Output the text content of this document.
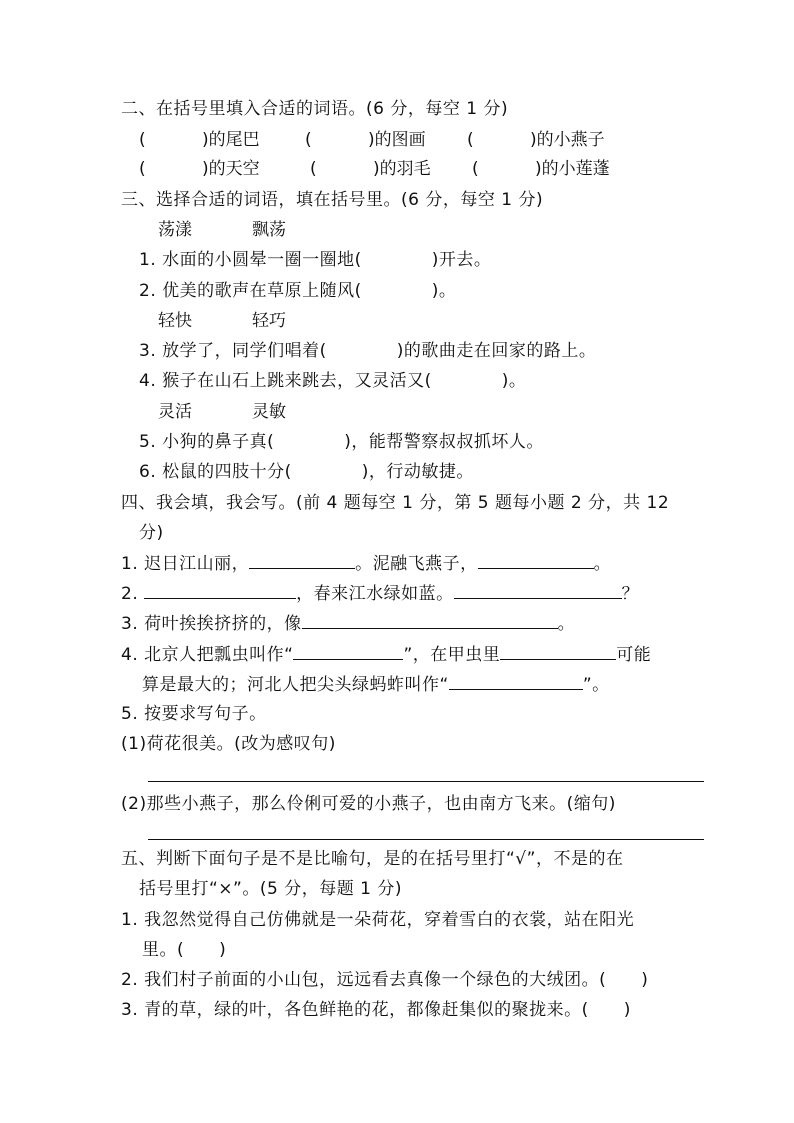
二、在括号里填入合适的词语。(6 分，每空 1 分)
(	)的尾巴	(	)的图画 (	)的小燕子
(	)的天空	(	)的羽毛 (	)的小莲蓬
三、选择合适的词语，填在括号里。(6 分，每空 1 分)
荡漾	飘荡
1. 水面的小圆晕一圈一圈地(	)开去。
2. 优美的歌声在草原上随风(	)。
轻快	轻巧
3. 放学了，同学们唱着(	)的歌曲走在回家的路上。
4. 猴子在山石上跳来跳去，又灵活又(	)。
灵活	灵敏
5. 小狗的鼻子真(	)，能帮警察叔叔抓坏人。
6. 松鼠的四肢十分(	)，行动敏捷。
四、我会填，我会写。(前 4 题每空 1 分，第 5 题每小题 2 分，共 12
分)
1. 迟日江山丽，	。泥融飞燕子，	。
2.	，春来江水绿如蓝。	？
3. 荷叶挨挨挤挤的，像	。
4. 北京人把瓢虫叫作“	”，在甲虫里	可能
算是最大的；河北人把尖头绿蚂蚱叫作“	”。
5. 按要求写句子。
(1)荷花很美。(改为感叹句)
(2)那些小燕子，那么伶俐可爱的小燕子，也由南方飞来。(缩句)
五、判断下面句子是不是比喻句，是的在括号里打“√”，不是的在
括号里打“×”。(5 分，每题 1 分)
1. 我忽然觉得自己仿佛就是一朵荷花，穿着雪白的衣裳，站在阳光
里。(　　)
2. 我们村子前面的小山包，远远看去真像一个绿色的大绒团。(　　)
3. 青的草，绿的叶，各色鲜艳的花，都像赶集似的聚拢来。(　　)
